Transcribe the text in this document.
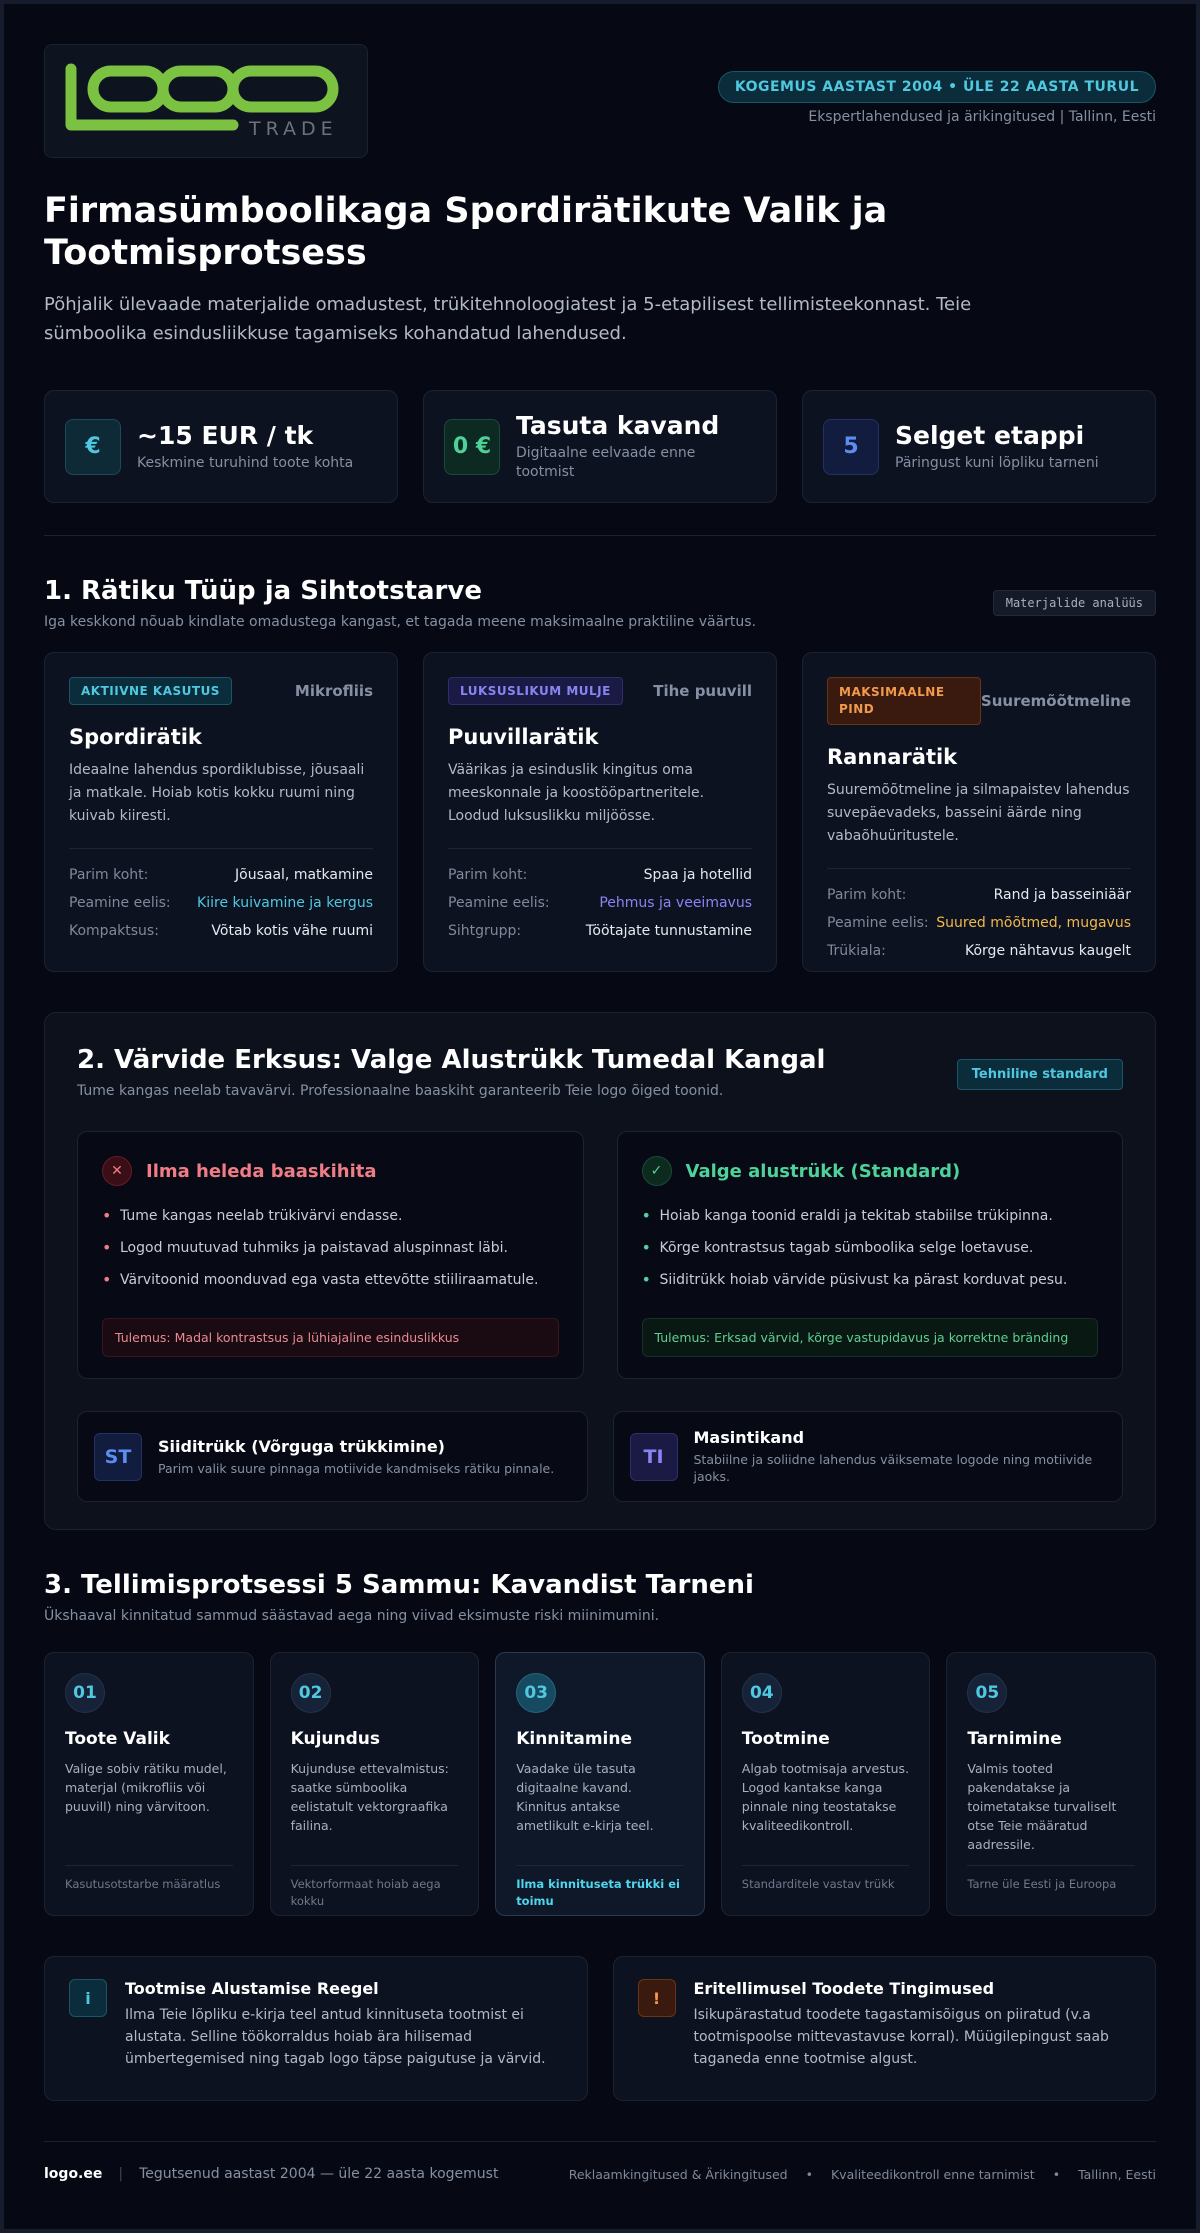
TRADE
KOGEMUS AASTAST 2004 • ÜLE 22 AASTA TURUL
Ekspertlahendused ja ärikingitused | Tallinn, Eesti
Firmasümboolikaga Spordirätikute Valik ja Tootmisprotsess

Põhjalik ülevaade materjalide omadustest, trükitehnoloogiatest ja 5-etapilisest tellimisteekonnast. Teie sümboolika esindusliikkuse tagamiseks kohandatud lahendused.

€	~15 EUR / tk
Keskmine turuhind toote kohta
0 €
Tasuta kavand
Digitaalne eelvaade enne tootmist
5	Selget etappi
Päringust kuni lõpliku tarneni
1. Rätiku Tüüp ja Sihtotstarve
Iga keskkond nõuab kindlate omadustega kangast, et tagada meene maksimaalne praktiline väärtus.
Materjalide analüüs
AKTIIVNE KASUTUS	Mikrofliis
Spordirätik
Ideaalne lahendus spordiklubisse, jõusaali ja matkale. Hoiab kotis kokku ruumi ning kuivab kiiresti.
Parim koht:	Jõusaal, matkamine
Peamine eelis: Kiire kuivamine ja kergus
Kompaktsus:	Võtab kotis vähe ruumi
LUKSUSLIKUM MULJE	Tihe puuvill
Puuvillarätik
Väärikas ja esinduslik kingitus oma meeskonnale ja koostööpartneritele. Loodud luksuslikku miljöösse.
Parim koht:	Spaa ja hotellid
Peamine eelis:	Pehmus ja veeimavus
Sihtgrupp:	Töötajate tunnustamine
MAKSIMAALNE PIND	Suuremõõtmeline
Rannarätik
Suuremõõtmeline ja silmapaistev lahendus suvepäevadeks, basseini äärde ning vabaõhuüritustele.
Parim koht:	Rand ja basseiniäär
Peamine eelis: Suured mõõtmed, mugavus
Trükiala:	Kõrge nähtavus kaugelt
2. Värvide Erksus: Valge Alustrükk Tumedal Kangal
Tume kangas neelab tavavärvi. Professionaalne baaskiht garanteerib Teie logo õiged toonid.
Tehniline standard
✕	Ilma heleda baaskihita
• Tume kangas neelab trükivärvi endasse.
• Logod muutuvad tuhmiks ja paistavad aluspinnast läbi.
• Värvitoonid moonduvad ega vasta ettevõtte stiiliraamatule.
Tulemus: Madal kontrastsus ja lühiajaline esinduslikkus
✓	Valge alustrükk (Standard)
• Hoiab kanga toonid eraldi ja tekitab stabiilse trükipinna.
• Kõrge kontrastsus tagab sümboolika selge loetavuse.
• Siiditrükk hoiab värvide püsivust ka pärast korduvat pesu.
Tulemus: Erksad värvid, kõrge vastupidavus ja korrektne bränding
ST	Siiditrükk (Võrguga trükkimine)
Parim valik suure pinnaga motiivide kandmiseks rätiku pinnale.
TI
Masintikand
Stabiilne ja soliidne lahendus väiksemate logode ning motiivide jaoks.
3. Tellimisprotsessi 5 Sammu: Kavandist Tarneni
Ükshaaval kinnitatud sammud säästavad aega ning viivad eksimuste riski miinimumini.
01
Toote Valik
Valige sobiv rätiku mudel, materjal (mikrofliis või puuvill) ning värvitoon.
Kasutusotstarbe määratlus
02
Kujundus
Kujunduse ettevalmistus: saatke sümboolika eelistatult vektorgraafika failina.
Vektorformaat hoiab aega kokku
03
Kinnitamine
Vaadake üle tasuta digitaalne kavand. Kinnitus antakse ametlikult e-kirja teel.
Ilma kinnituseta trükki ei toimu
04
Tootmine
Algab tootmisaja arvestus. Logod kantakse kanga pinnale ning teostatakse kvaliteedikontroll.
Standarditele vastav trükk
05
Tarnimine
Valmis tooted pakendatakse ja toimetatakse turvaliselt otse Teie määratud aadressile.
Tarne üle Eesti ja Euroopa
i	Tootmise Alustamise Reegel
Ilma Teie lõpliku e-kirja teel antud kinnituseta tootmist ei alustata. Selline töökorraldus hoiab ära hilisemad ümbertegemised ning tagab logo täpse paigutuse ja värvid.
!	Eritellimusel Toodete Tingimused
Isikupärastatud toodete tagastamisõigus on piiratud (v.a tootmispoolse mittevastavuse korral). Müügilepingust saab taganeda enne tootmise algust.
logo.ee | Tegutsenud aastast 2004 — üle 22 aasta kogemust	Reklaamkingitused & Ärikingitused • Kvaliteedikontroll enne tarnimist • Tallinn, Eesti
